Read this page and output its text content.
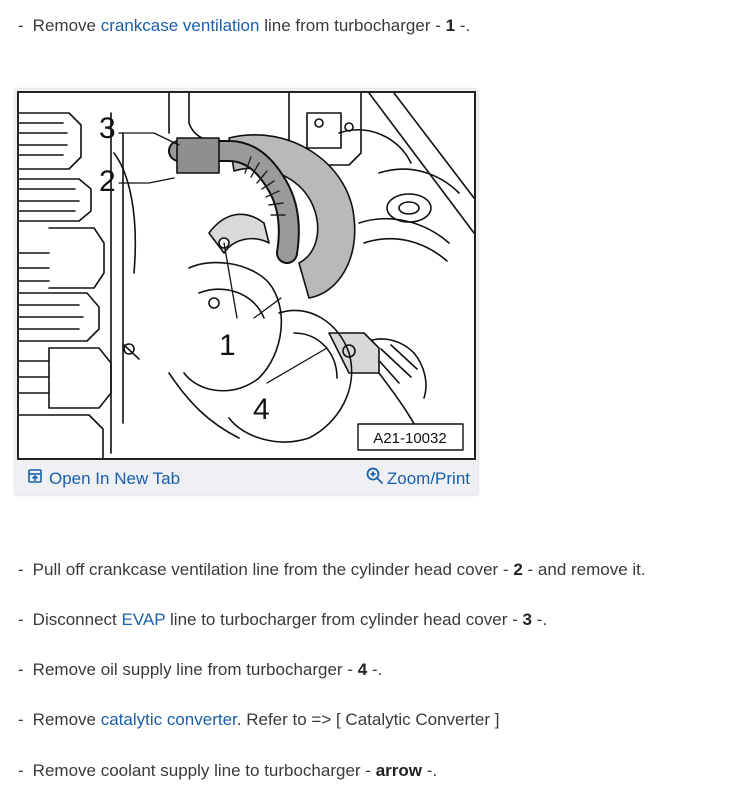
- Remove crankcase ventilation line from turbocharger - 1 -.
3
2
1
4
A21-10032
Open In New Tab	Zoom/Print
- Pull off crankcase ventilation line from the cylinder head cover - 2 - and remove it.
- Disconnect EVAP line to turbocharger from cylinder head cover - 3 -.
- Remove oil supply line from turbocharger - 4 -.
- Remove catalytic converter. Refer to => [ Catalytic Converter ]
- Remove coolant supply line to turbocharger - arrow -.
